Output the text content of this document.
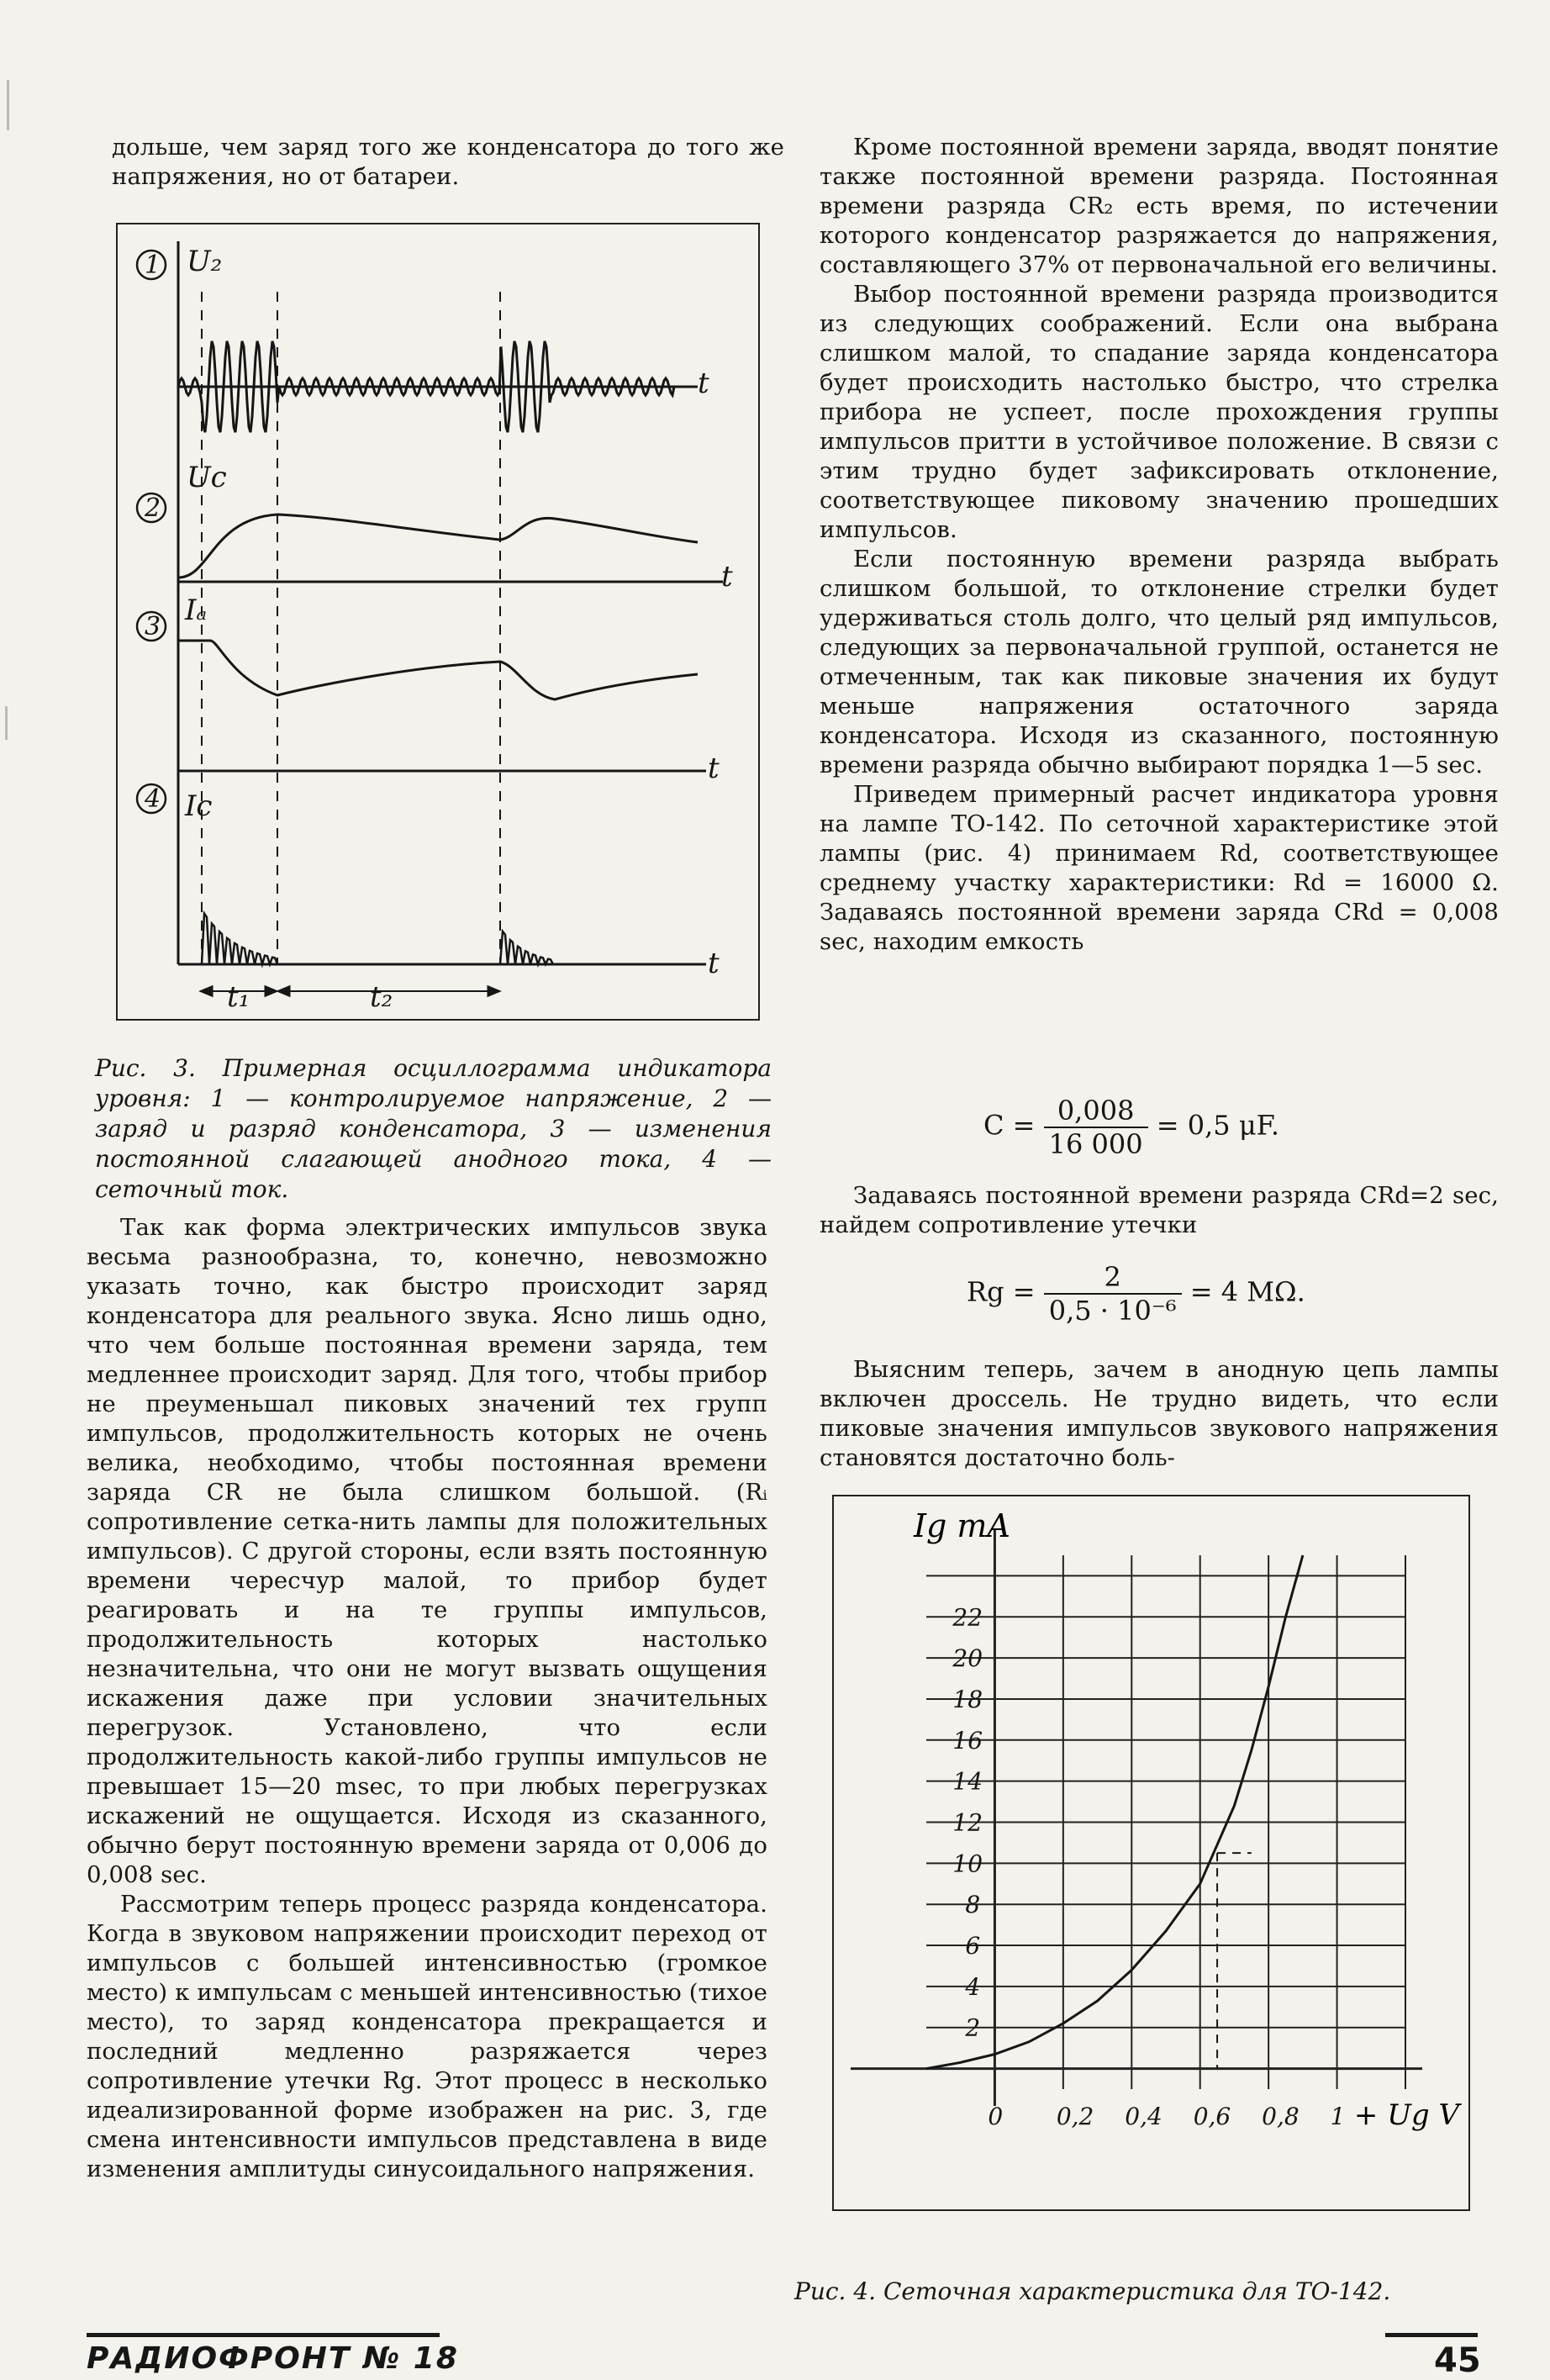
дольше, чем заряд того же конденсатора до того же напряжения, но от батареи.

1
2
3
4
U₂
Uc
Iₐ
Ic
t
t
t
t
t₁	t₂
Рис. 3. Примерная осциллограмма индикатора уровня: 1 — контролируемое напряжение, 2 — заряд и разряд конденсатора, 3 — изменения постоянной слагающей анодного тока, 4 — сеточный ток.

Так как форма электрических импульсов звука весьма разнообразна, то, конечно, невозможно указать точно, как быстро происходит заряд конденсатора для реального звука. Ясно лишь одно, что чем больше постоянная времени заряда, тем медленнее происходит заряд. Для того, чтобы прибор не преуменьшал пиковых значений тех групп импульсов, продолжительность которых не очень велика, необходимо, чтобы постоянная времени заряда CR не была слишком большой. (Rᵢ сопротивление сетка-нить лампы для положительных импульсов). С другой стороны, если взять постоянную времени чересчур малой, то прибор будет реагировать и на те группы импульсов, продолжительность которых настолько незначительна, что они не могут вызвать ощущения искажения даже при условии значительных перегрузок. Установлено, что если продолжительность какой-либо группы импульсов не превышает 15—20 msec, то при любых перегрузках искажений не ощущается. Исходя из сказанного, обычно берут постоянную времени заряда от 0,006 до 0,008 sec.

Рассмотрим теперь процесс разряда конденсатора. Когда в звуковом напряжении происходит переход от импульсов с большей интенсивностью (громкое место) к импульсам с меньшей интенсивностью (тихое место), то заряд конденсатора прекращается и последний медленно разряжается через сопротивление утечки Rg. Этот процесс в несколько идеализированной форме изображен на рис. 3, где смена интенсивности импульсов представлена в виде изменения амплитуды синусоидального напряжения.

Кроме постоянной времени заряда, вводят понятие также постоянной времени разряда. Постоянная времени разряда CR₂ есть время, по истечении которого конденсатор разряжается до напряжения, составляющего 37% от первоначальной его величины.

Выбор постоянной времени разряда производится из следующих соображений. Если она выбрана слишком малой, то спадание заряда конденсатора будет происходить настолько быстро, что стрелка прибора не успеет, после прохождения группы импульсов притти в устойчивое положение. В связи с этим трудно будет зафиксировать отклонение, соответствующее пиковому значению прошедших импульсов.

Если постоянную времени разряда выбрать слишком большой, то отклонение стрелки будет удерживаться столь долго, что целый ряд импульсов, следующих за первоначальной группой, останется не отмеченным, так как пиковые значения их будут меньше напряжения остаточного заряда конденсатора. Исходя из сказанного, постоянную времени разряда обычно выбирают порядка 1—5 sec.

Приведем примерный расчет индикатора уровня на лампе ТО-142. По сеточной характеристике этой лампы (рис. 4) принимаем Rd, соответствующее среднему участку характеристики: Rd = 16000 Ω. Задаваясь постоянной времени заряда CRd = 0,008 sec, находим емкость

$C = \frac{0,008}{16 000} = 0,5$ μF.

Задаваясь постоянной времени разряда CRd=2 sec, найдем сопротивление утечки

$Rg = \frac{2}{\text{0,5 · 10⁻⁶}} = 4$ MΩ.

Выясним теперь, зачем в анодную цепь лампы включен дроссель. Не трудно видеть, что если пиковые значения импульсов звукового напряжения становятся достаточно боль-

0 0,2 0,4 0,6 0,8 1
2
4
6
8
10
12
14
16
18
20
22
Ig mA
+ Ug V
Рис. 4. Сеточная характеристика для ТО-142.
РАДИОФРОНТ № 18	45
